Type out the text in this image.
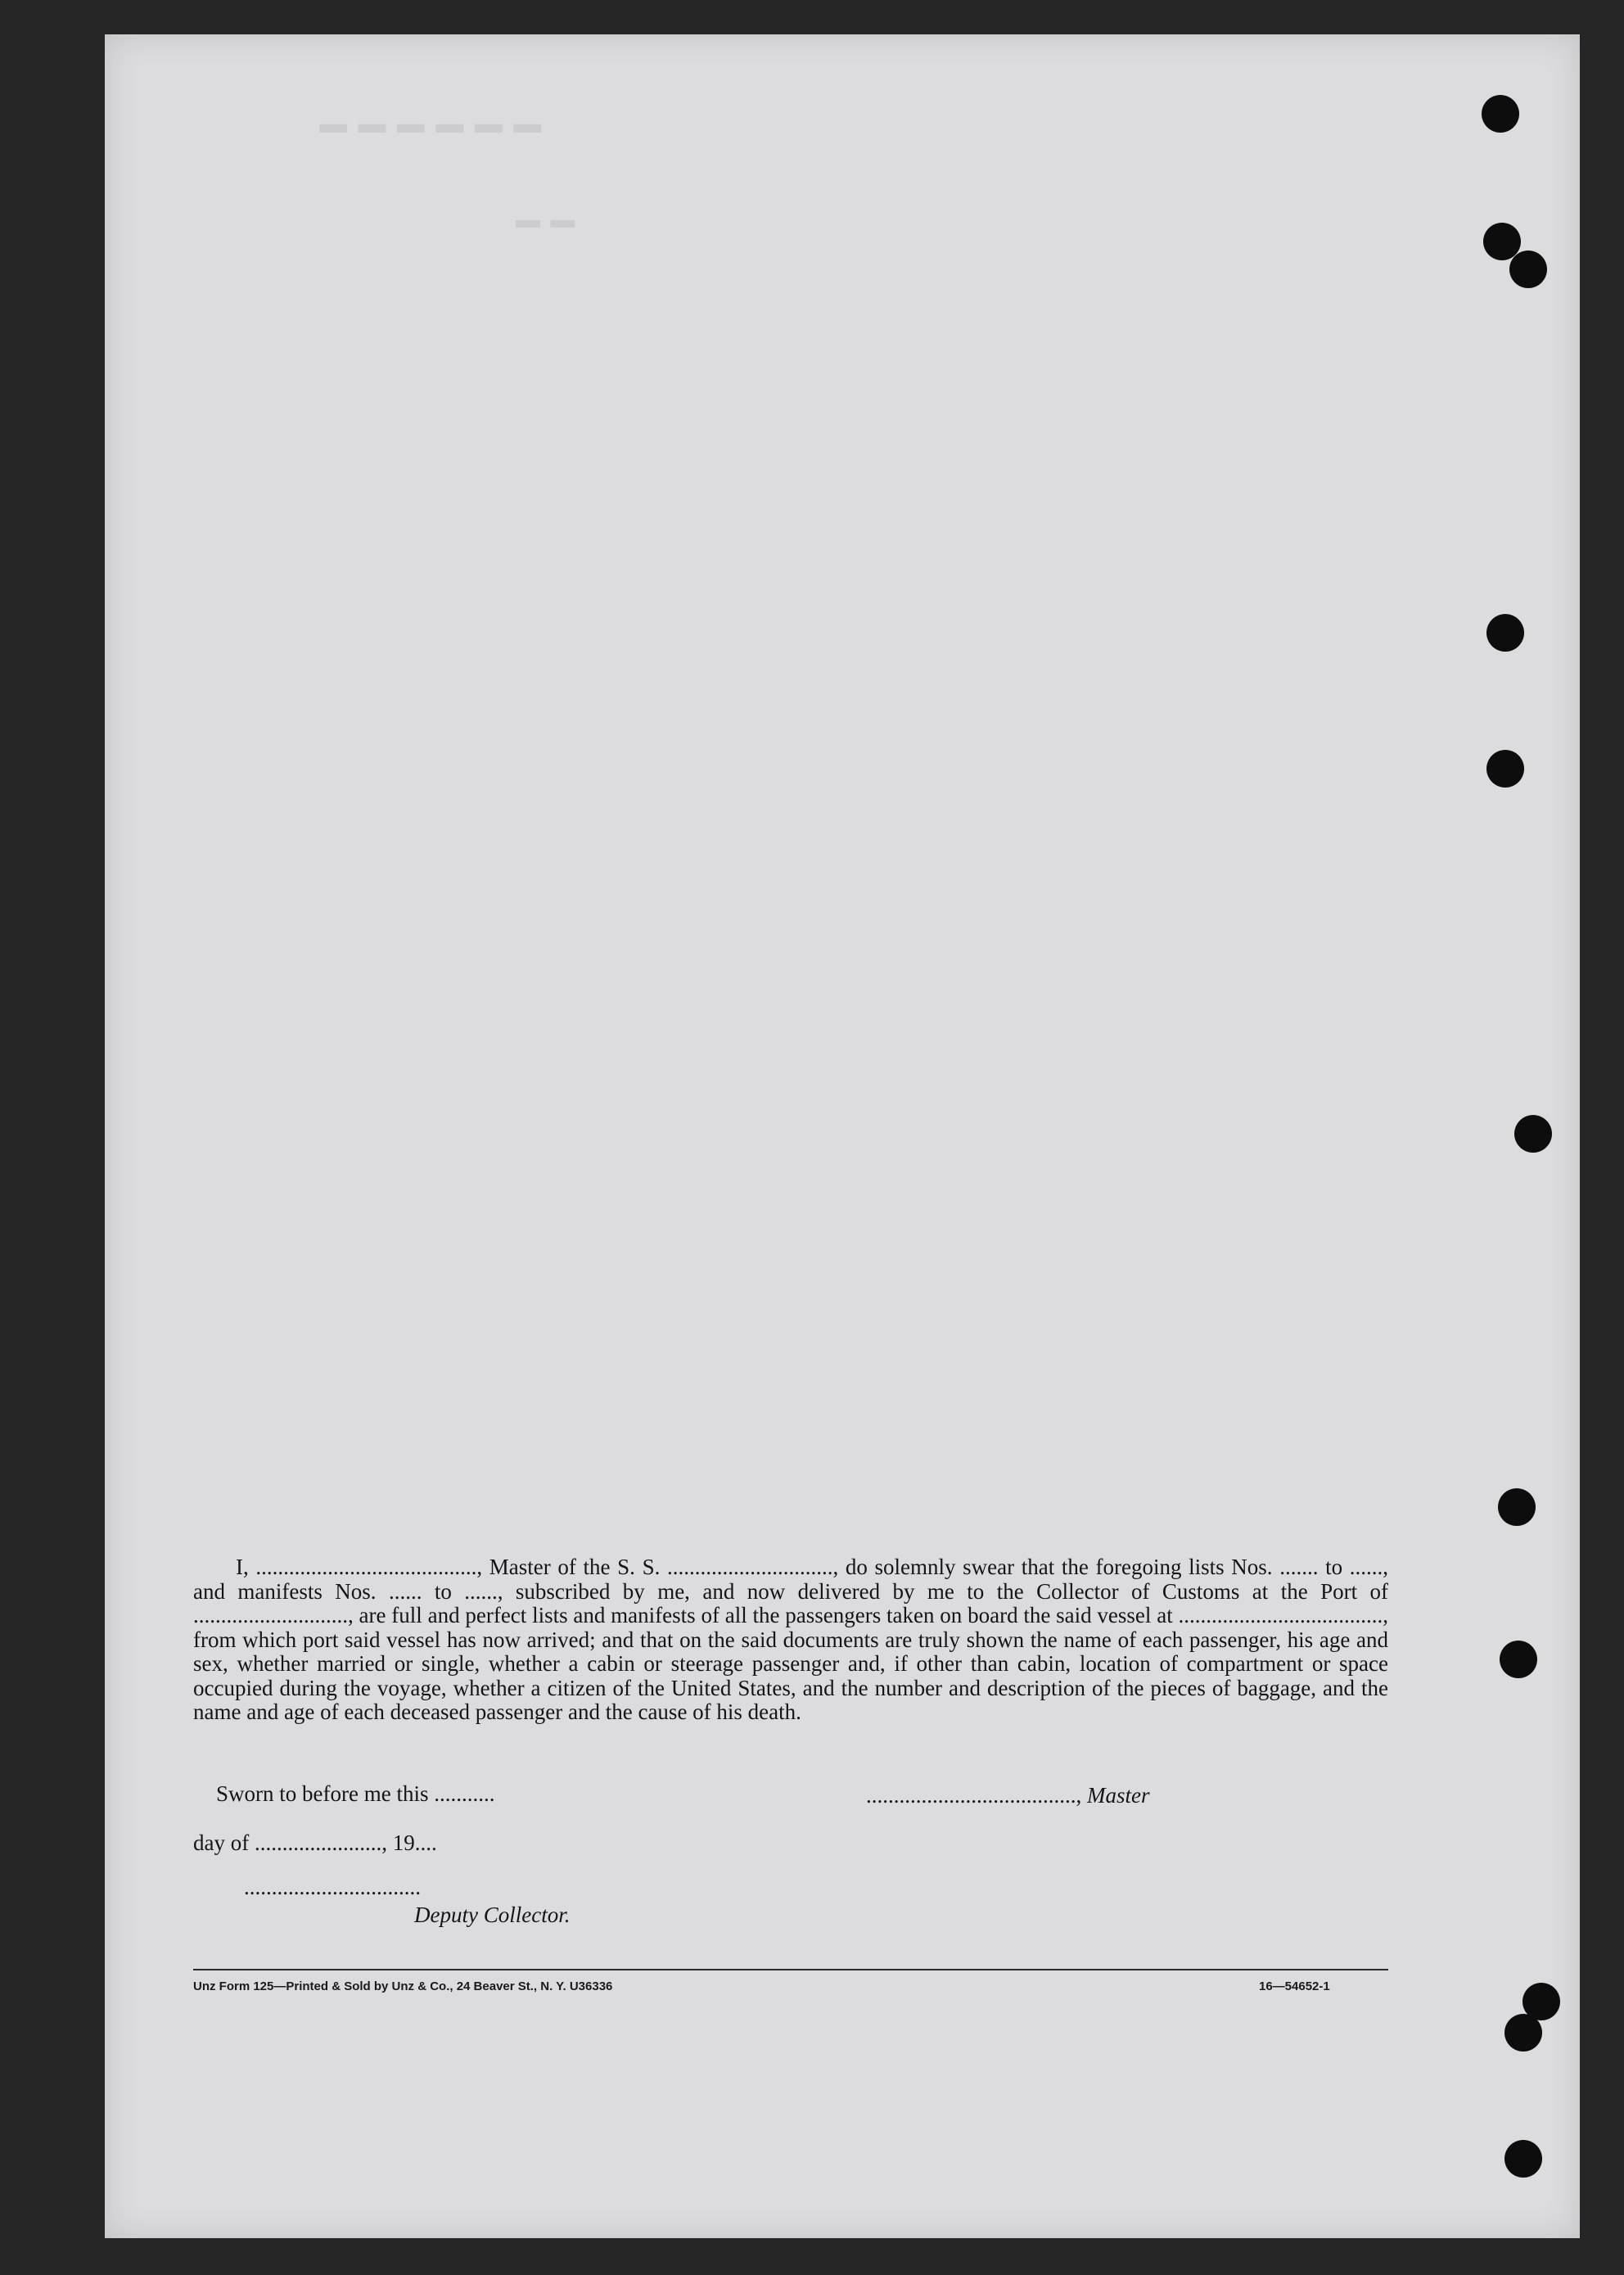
▬ ▬ ▬ ▬ ▬ ▬
▬ ▬

I, ........................................, Master of the S. S. .............................., do solemnly swear that the foregoing lists Nos. ....... to ......, and manifests Nos. ...... to ......, subscribed by me, and now delivered by me to the Collector of Customs at the Port of ............................, are full and perfect lists and manifests of all the passengers taken on board the said vessel at ....................................., from which port said vessel has now arrived; and that on the said documents are truly shown the name of each passenger, his age and sex, whether married or single, whether a cabin or steerage passenger and, if other than cabin, location of compartment or space occupied during the voyage, whether a citizen of the United States, and the number and description of the pieces of baggage, and the name and age of each deceased passenger and the cause of his death.

Sworn to before me this ...........	......................................, Master
day of ......................., 19....
................................
Deputy Collector.
Unz Form 125—Printed & Sold by Unz & Co., 24 Beaver St., N. Y. U36336	16—54652-1
